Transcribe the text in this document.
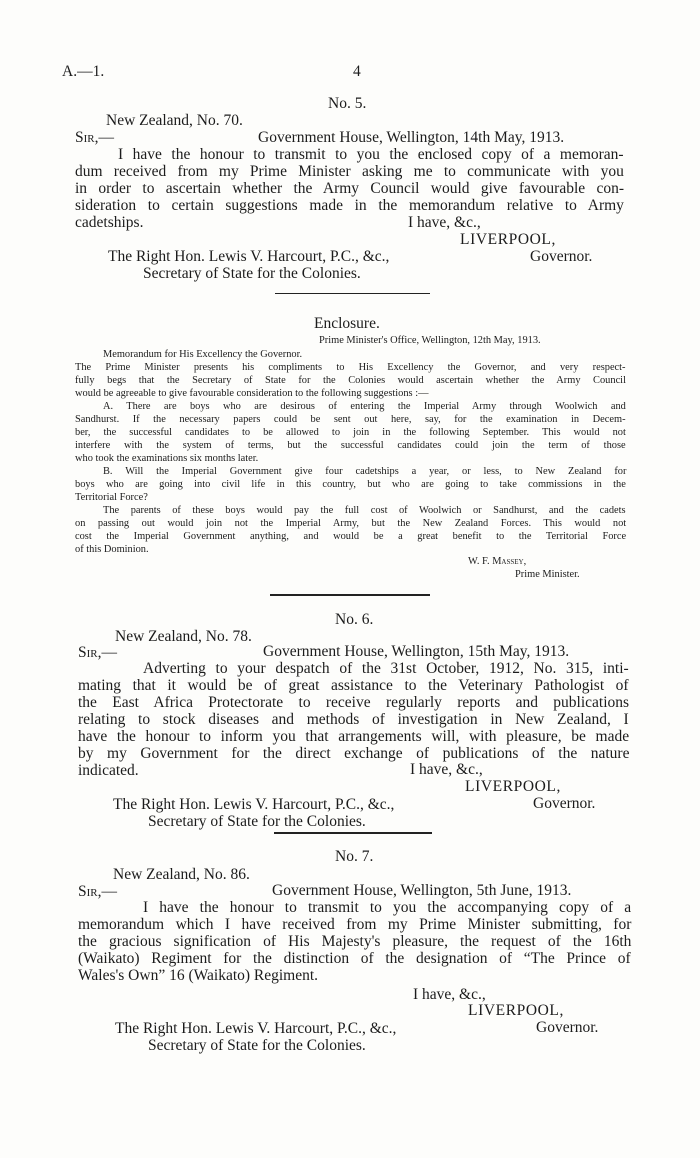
A.—1.	4
No. 5.
New Zealand, No. 70.
Sir,—	Government House, Wellington, 14th May, 1913.
I have the honour to transmit to you the enclosed copy of a memoran-
dum received from my Prime Minister asking me to communicate with you
in order to ascertain whether the Army Council would give favourable con-
sideration to certain suggestions made in the memorandum relative to Army
cadetships.	I have, &c.,
LIVERPOOL,
Governor.
The Right Hon. Lewis V. Harcourt, P.C., &c.,
Secretary of State for the Colonies.
Enclosure.
Prime Minister's Office, Wellington, 12th May, 1913.
Memorandum for His Excellency the Governor.
The Prime Minister presents his compliments to His Excellency the Governor, and very respect-
fully begs that the Secretary of State for the Colonies would ascertain whether the Army Council
would be agreeable to give favourable consideration to the following suggestions :—
A. There are boys who are desirous of entering the Imperial Army through Woolwich and
Sandhurst. If the necessary papers could be sent out here, say, for the examination in Decem-
ber, the successful candidates to be allowed to join in the following September. This would not
interfere with the system of terms, but the successful candidates could join the term of those
who took the examinations six months later.
B. Will the Imperial Government give four cadetships a year, or less, to New Zealand for
boys who are going into civil life in this country, but who are going to take commissions in the
Territorial Force?
The parents of these boys would pay the full cost of Woolwich or Sandhurst, and the cadets
on passing out would join not the Imperial Army, but the New Zealand Forces. This would not
cost the Imperial Government anything, and would be a great benefit to the Territorial Force
of this Dominion.
W. F. Massey,
Prime Minister.
No. 6.
New Zealand, No. 78.
Sir,—	Government House, Wellington, 15th May, 1913.
Adverting to your despatch of the 31st October, 1912, No. 315, inti-
mating that it would be of great assistance to the Veterinary Pathologist of
the East Africa Protectorate to receive regularly reports and publications
relating to stock diseases and methods of investigation in New Zealand, I
have the honour to inform you that arrangements will, with pleasure, be made
by my Government for the direct exchange of publications of the nature
indicated.	I have, &c.,
LIVERPOOL,
Governor.
The Right Hon. Lewis V. Harcourt, P.C., &c.,
Secretary of State for the Colonies.
No. 7.
New Zealand, No. 86.
Sir,—	Government House, Wellington, 5th June, 1913.
I have the honour to transmit to you the accompanying copy of a
memorandum which I have received from my Prime Minister submitting, for
the gracious signification of His Majesty's pleasure, the request of the 16th
(Waikato) Regiment for the distinction of the designation of “The Prince of
Wales's Own” 16 (Waikato) Regiment.
I have, &c.,
LIVERPOOL,
Governor.
The Right Hon. Lewis V. Harcourt, P.C., &c.,
Secretary of State for the Colonies.
